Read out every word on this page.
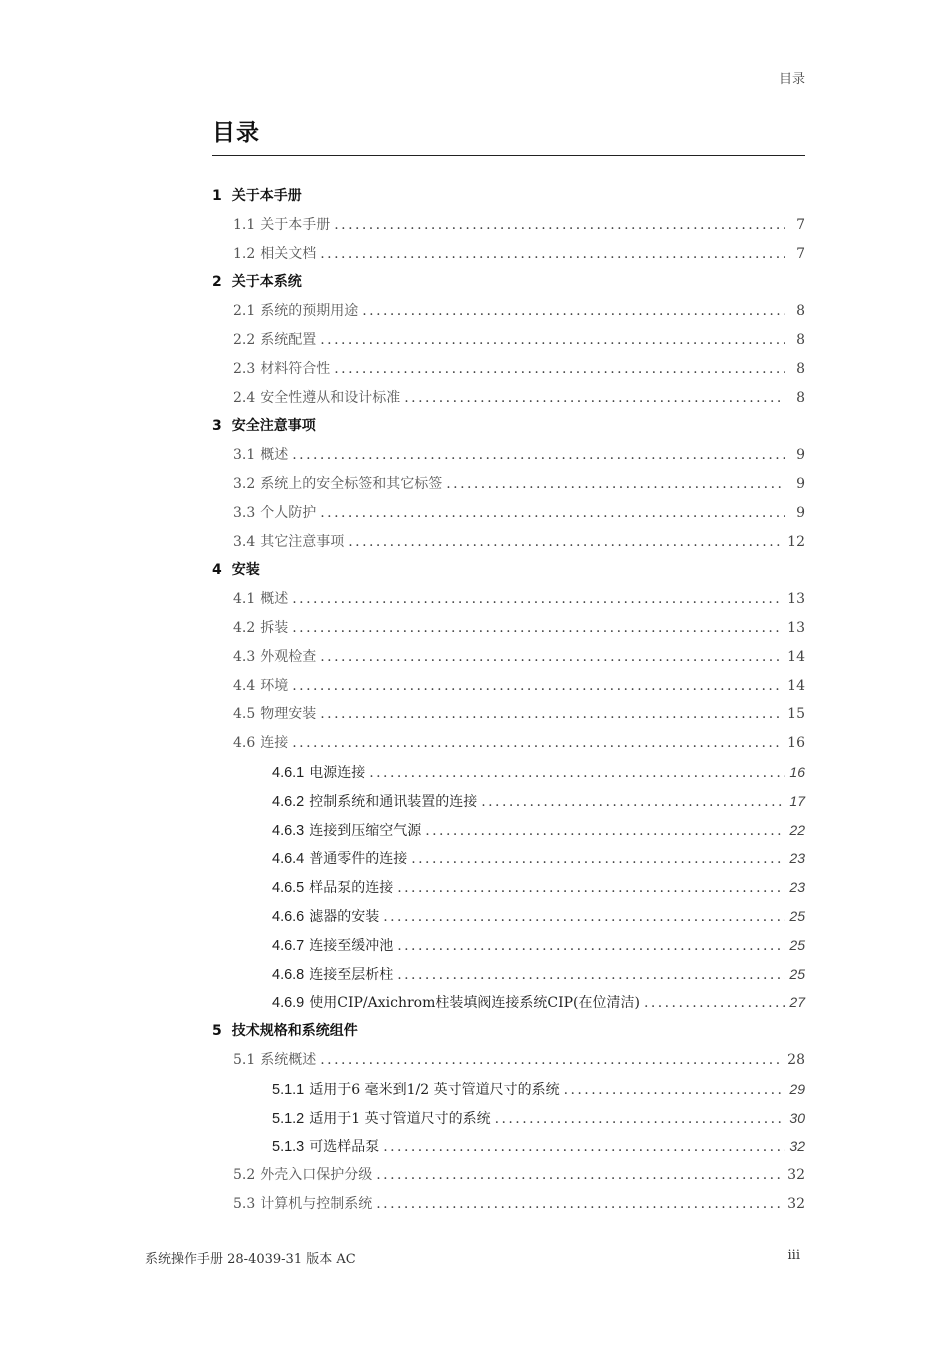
目录
目录
1 关于本手册
1.1 关于本手册 . . .	7
1.2 相关文档 . . .	7
2 关于本系统
2.1 系统的预期用途 . . .	8
2.2 系统配置 . . .	8
2.3 材料符合性 . . .	8
2.4 安全性遵从和设计标准 . . .	8
3 安全注意事项
3.1 概述 . . .	9
3.2 系统上的安全标签和其它标签 . . .	9
3.3 个人防护 . . .	9
3.4 其它注意事项 . . .	12
4 安装
4.1 概述 . . .	13
4.2 拆装 . . .	13
4.3 外观检查 . . .	14
4.4 环境 . . .	14
4.5 物理安装 . . .	15
4.6 连接 . . .	16
4.6.1 电源连接 . . .	16
4.6.2 控制系统和通讯装置的连接 . . .	17
4.6.3 连接到压缩空气源 . . .	22
4.6.4 普通零件的连接 . . .	23
4.6.5 样品泵的连接 . . .	23
4.6.6 滤器的安装 . . .	25
4.6.7 连接至缓冲池 . . .	25
4.6.8 连接至层析柱 . . .	25
4.6.9 使用CIP/Axichrom柱装填阀连接系统CIP(在位清洁) . . .	27
5 技术规格和系统组件
5.1 系统概述 . . .	28
5.1.1 适用于6 毫米到1/2 英寸管道尺寸的系统 . . .	29
5.1.2 适用于1 英寸管道尺寸的系统 . . .	30
5.1.3 可选样品泵 . . .	32
5.2 外壳入口保护分级 . . .	32
5.3 计算机与控制系统 . . .	32
系统操作手册 28-4039-31 版本 AC	iii
